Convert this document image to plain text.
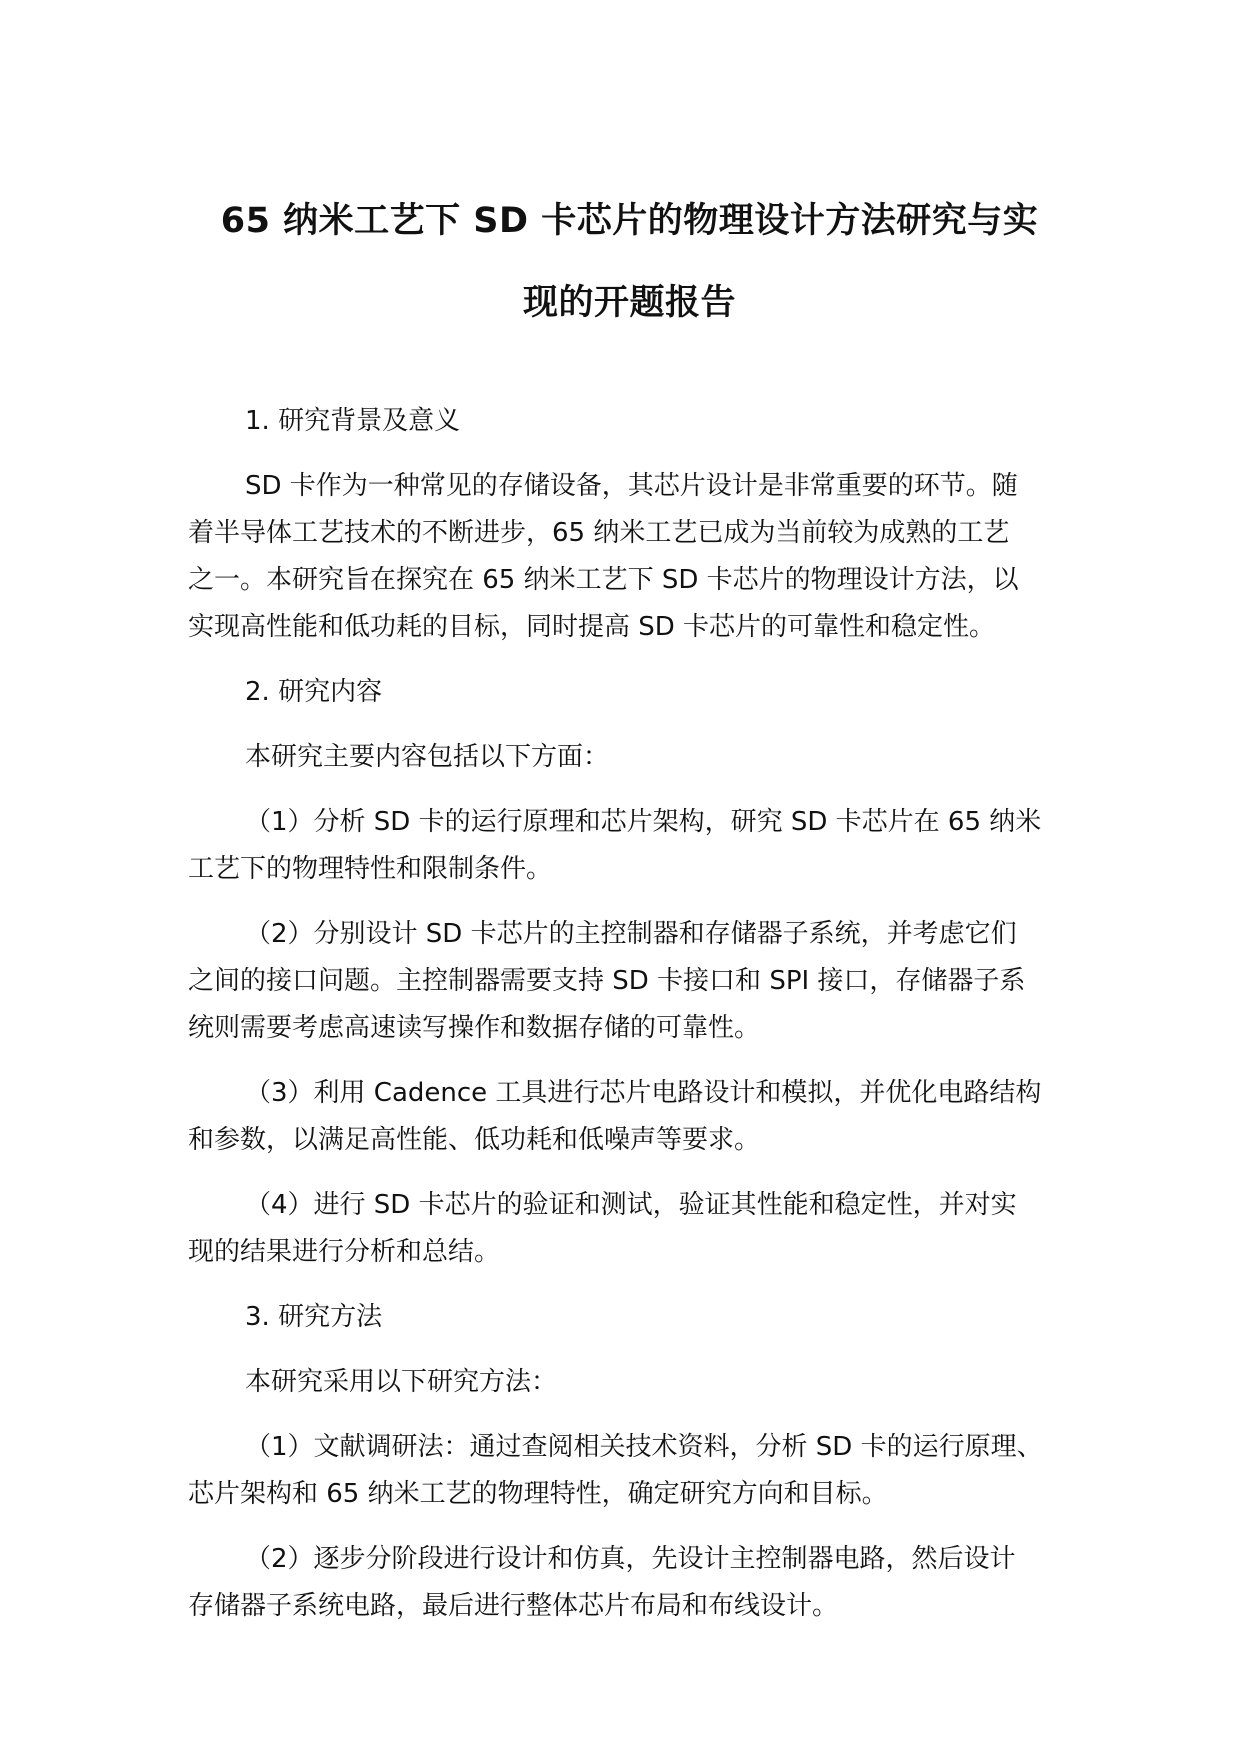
65 纳米工艺下 SD 卡芯片的物理设计方法研究与实
现的开题报告

1. 研究背景及意义

SD 卡作为一种常见的存储设备，其芯片设计是非常重要的环节。随
着半导体工艺技术的不断进步，65 纳米工艺已成为当前较为成熟的工艺
之一。本研究旨在探究在 65 纳米工艺下 SD 卡芯片的物理设计方法，以
实现高性能和低功耗的目标，同时提高 SD 卡芯片的可靠性和稳定性。

2. 研究内容

本研究主要内容包括以下方面：

（1）分析 SD 卡的运行原理和芯片架构，研究 SD 卡芯片在 65 纳米
工艺下的物理特性和限制条件。

（2）分别设计 SD 卡芯片的主控制器和存储器子系统，并考虑它们
之间的接口问题。主控制器需要支持 SD 卡接口和 SPI 接口，存储器子系
统则需要考虑高速读写操作和数据存储的可靠性。

（3）利用 Cadence 工具进行芯片电路设计和模拟，并优化电路结构
和参数，以满足高性能、低功耗和低噪声等要求。

（4）进行 SD 卡芯片的验证和测试，验证其性能和稳定性，并对实
现的结果进行分析和总结。

3. 研究方法

本研究采用以下研究方法：

（1）文献调研法：通过查阅相关技术资料，分析 SD 卡的运行原理、
芯片架构和 65 纳米工艺的物理特性，确定研究方向和目标。

（2）逐步分阶段进行设计和仿真，先设计主控制器电路，然后设计
存储器子系统电路，最后进行整体芯片布局和布线设计。
